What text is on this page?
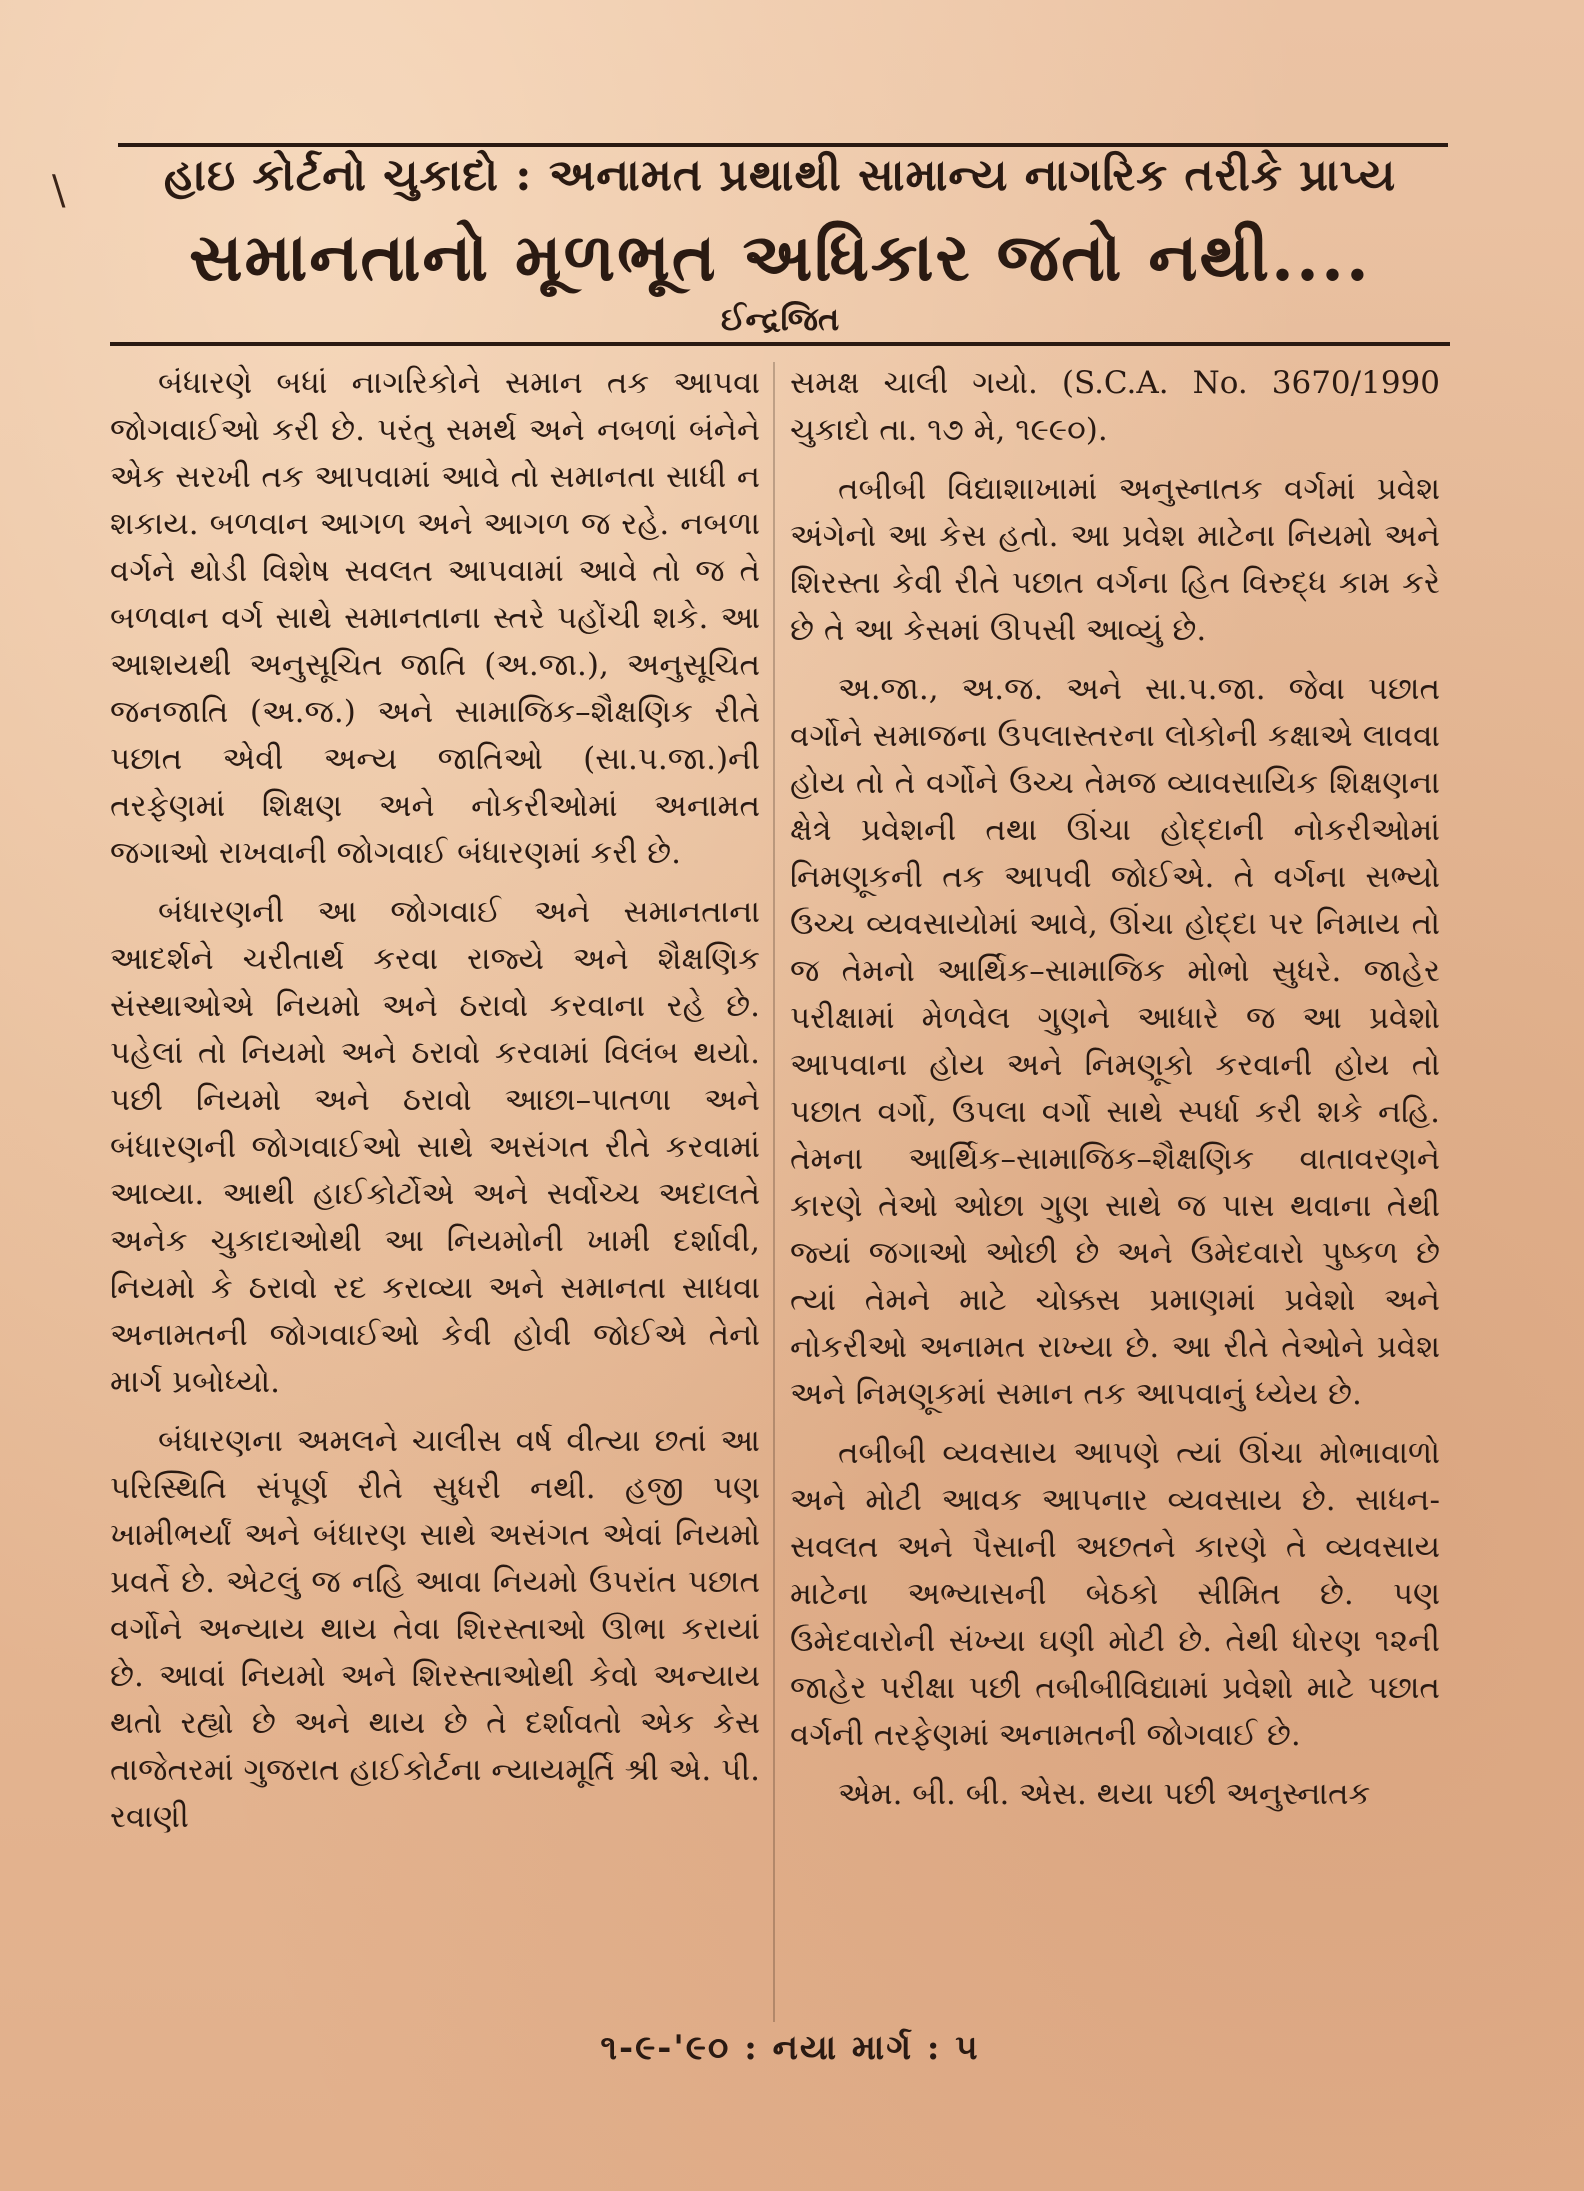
\	હાઇ કોર્ટનો ચુકાદો : અનામત પ્રથાથી સામાન્ય નાગરિક તરીકે પ્રાપ્ય
સમાનતાનો મૂળભૂત અધિકાર જતો નથી....
ઈન્દ્રજિત

બંધારણે બધાં નાગરિકોને સમાન તક આપવા જોગવાઈઓ કરી છે. પરંતુ સમર્થ અને નબળાં બંનેને એક સરખી તક આપવામાં આવે તો સમાનતા સાધી ન શકાય. બળવાન આગળ અને આગળ જ રહે. નબળા વર્ગને થોડી વિશેષ સવલત આપવામાં આવે તો જ તે બળવાન વર્ગ સાથે સમાનતાના સ્તરે પહોંચી શકે. આ આશયથી અનુસૂચિત જાતિ (અ.જા.), અનુસૂચિત જનજાતિ (અ.જ.) અને સામાજિક–શૈક્ષણિક રીતે પછાત એવી અન્ય જાતિઓ (સા.પ.જા.)ની તરફેણમાં શિક્ષણ અને નોકરીઓમાં અનામત જગાઓ રાખવાની જોગવાઈ બંધારણમાં કરી છે.

બંધારણની આ જોગવાઈ અને સમાનતાના આદર્શને ચરીતાર્થ કરવા રાજ્યે અને શૈક્ષણિક સંસ્થાઓએ નિયમો અને ઠરાવો કરવાના રહે છે. પહેલાં તો નિયમો અને ઠરાવો કરવામાં વિલંબ થયો. પછી નિયમો અને ઠરાવો આછા–પાતળા અને બંધારણની જોગવાઈઓ સાથે અસંગત રીતે કરવામાં આવ્યા. આથી હાઈકોર્ટોએ અને સર્વોચ્ચ અદાલતે અનેક ચુકાદાઓથી આ નિયમોની ખામી દર્શાવી, નિયમો કે ઠરાવો રદ કરાવ્યા અને સમાનતા સાધવા અનામતની જોગવાઈઓ કેવી હોવી જોઈએ તેનો માર્ગ પ્રબોધ્યો.

બંધારણના અમલને ચાલીસ વર્ષ વીત્યા છતાં આ પરિસ્થિતિ સંપૂર્ણ રીતે સુધરી નથી. હજી પણ ખામીભર્યાં અને બંધારણ સાથે અસંગત એવાં નિયમો પ્રવર્તે છે. એટલું જ નહિ આવા નિયમો ઉપરાંત પછાત વર્ગોને અન્યાય થાય તેવા શિરસ્તાઓ ઊભા કરાયાં છે. આવાં નિયમો અને શિરસ્તાઓથી કેવો અન્યાય થતો રહ્યો છે અને થાય છે તે દર્શાવતો એક કેસ તાજેતરમાં ગુજરાત હાઈકોર્ટના ન્યાયમૂર્તિ શ્રી એ. પી. રવાણી

સમક્ષ ચાલી ગયો. (S.C.A. No. 3670/1990 ચુકાદો તા. ૧૭ મે, ૧૯૯૦).

તબીબી વિદ્યાશાખામાં અનુસ્નાતક વર્ગમાં પ્રવેશ અંગેનો આ કેસ હતો. આ પ્રવેશ માટેના નિયમો અને શિરસ્તા કેવી રીતે પછાત વર્ગના હિત વિરુદ્ધ કામ કરે છે તે આ કેસમાં ઊપસી આવ્યું છે.

અ.જા., અ.જ. અને સા.પ.જા. જેવા પછાત વર્ગોને સમાજના ઉપલાસ્તરના લોકોની કક્ષાએ લાવવા હોય તો તે વર્ગોને ઉચ્ચ તેમજ વ્યાવસાયિક શિક્ષણના ક્ષેત્રે પ્રવેશની તથા ઊંચા હોદ્દાની નોકરીઓમાં નિમણૂકની તક આપવી જોઈએ. તે વર્ગના સભ્યો ઉચ્ચ વ્યવસાયોમાં આવે, ઊંચા હોદ્દા પર નિમાય તો જ તેમનો આર્થિક–સામાજિક મોભો સુધરે. જાહેર પરીક્ષામાં મેળવેલ ગુણને આધારે જ આ પ્રવેશો આપવાના હોય અને નિમણૂકો કરવાની હોય તો પછાત વર્ગો, ઉપલા વર્ગો સાથે સ્પર્ધા કરી શકે નહિ. તેમના આર્થિક–સામાજિક–શૈક્ષણિક વાતાવરણને કારણે તેઓ ઓછા ગુણ સાથે જ પાસ થવાના તેથી જ્યાં જગાઓ ઓછી છે અને ઉમેદવારો પુષ્કળ છે ત્યાં તેમને માટે ચોક્કસ પ્રમાણમાં પ્રવેશો અને નોકરીઓ અનામત રાખ્યા છે. આ રીતે તેઓને પ્રવેશ અને નિમણૂકમાં સમાન તક આપવાનું ધ્યેય છે.

તબીબી વ્યવસાય આપણે ત્યાં ઊંચા મોભાવાળો અને મોટી આવક આપનાર વ્યવસાય છે. સાધન-સવલત અને પૈસાની અછતને કારણે તે વ્યવસાય માટેના અભ્યાસની બેઠકો સીમિત છે. પણ ઉમેદવારોની સંખ્યા ઘણી મોટી છે. તેથી ધોરણ ૧૨ની જાહેર પરીક્ષા પછી તબીબીવિદ્યામાં પ્રવેશો માટે પછાત વર્ગની તરફેણમાં અનામતની જોગવાઈ છે.

એમ. બી. બી. એસ. થયા પછી અનુસ્નાતક

૧-૯-'૯૦ : નયા માર્ગ : ૫
